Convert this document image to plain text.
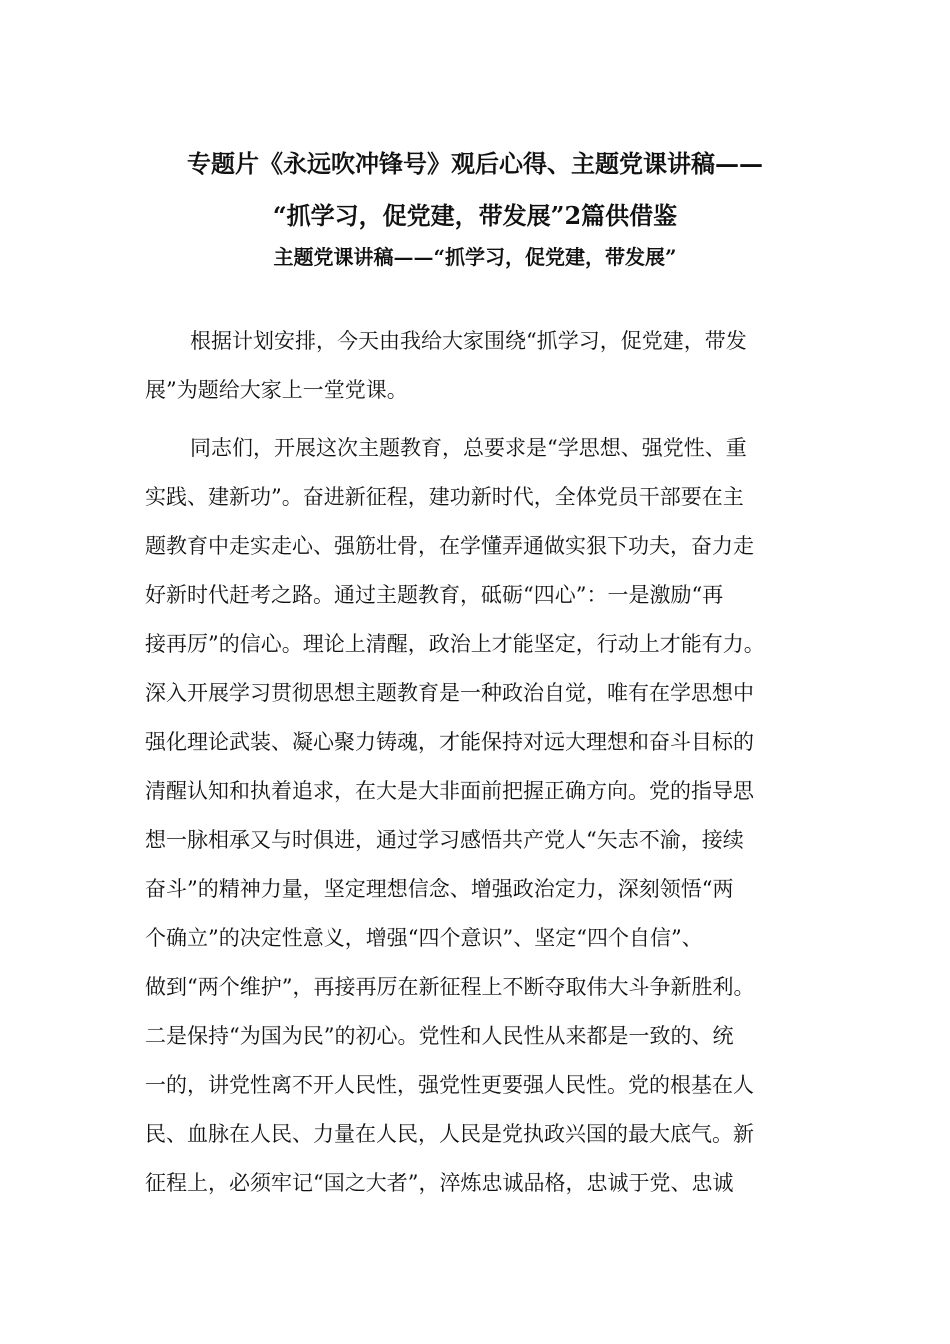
专题片《永远吹冲锋号》观后心得、主题党课讲稿——
“抓学习，促党建，带发展”2篇供借鉴
主题党课讲稿——“抓学习，促党建，带发展”
根据计划安排，今天由我给大家围绕“抓学习，促党建，带发
展”为题给大家上一堂党课。
同志们，开展这次主题教育，总要求是“学思想、强党性、重
实践、建新功”。奋进新征程，建功新时代，全体党员干部要在主
题教育中走实走心、强筋壮骨，在学懂弄通做实狠下功夫，奋力走
好新时代赶考之路。通过主题教育，砥砺“四心”：一是激励“再
接再厉”的信心。理论上清醒，政治上才能坚定，行动上才能有力。
深入开展学习贯彻思想主题教育是一种政治自觉，唯有在学思想中
强化理论武装、凝心聚力铸魂，才能保持对远大理想和奋斗目标的
清醒认知和执着追求，在大是大非面前把握正确方向。党的指导思
想一脉相承又与时俱进，通过学习感悟共产党人“矢志不渝，接续
奋斗”的精神力量，坚定理想信念、增强政治定力，深刻领悟“两
个确立”的决定性意义，增强“四个意识”、坚定“四个自信”、
做到“两个维护”，再接再厉在新征程上不断夺取伟大斗争新胜利。
二是保持“为国为民”的初心。党性和人民性从来都是一致的、统
一的，讲党性离不开人民性，强党性更要强人民性。党的根基在人
民、血脉在人民、力量在人民，人民是党执政兴国的最大底气。新
征程上，必须牢记“国之大者”，淬炼忠诚品格，忠诚于党、忠诚
